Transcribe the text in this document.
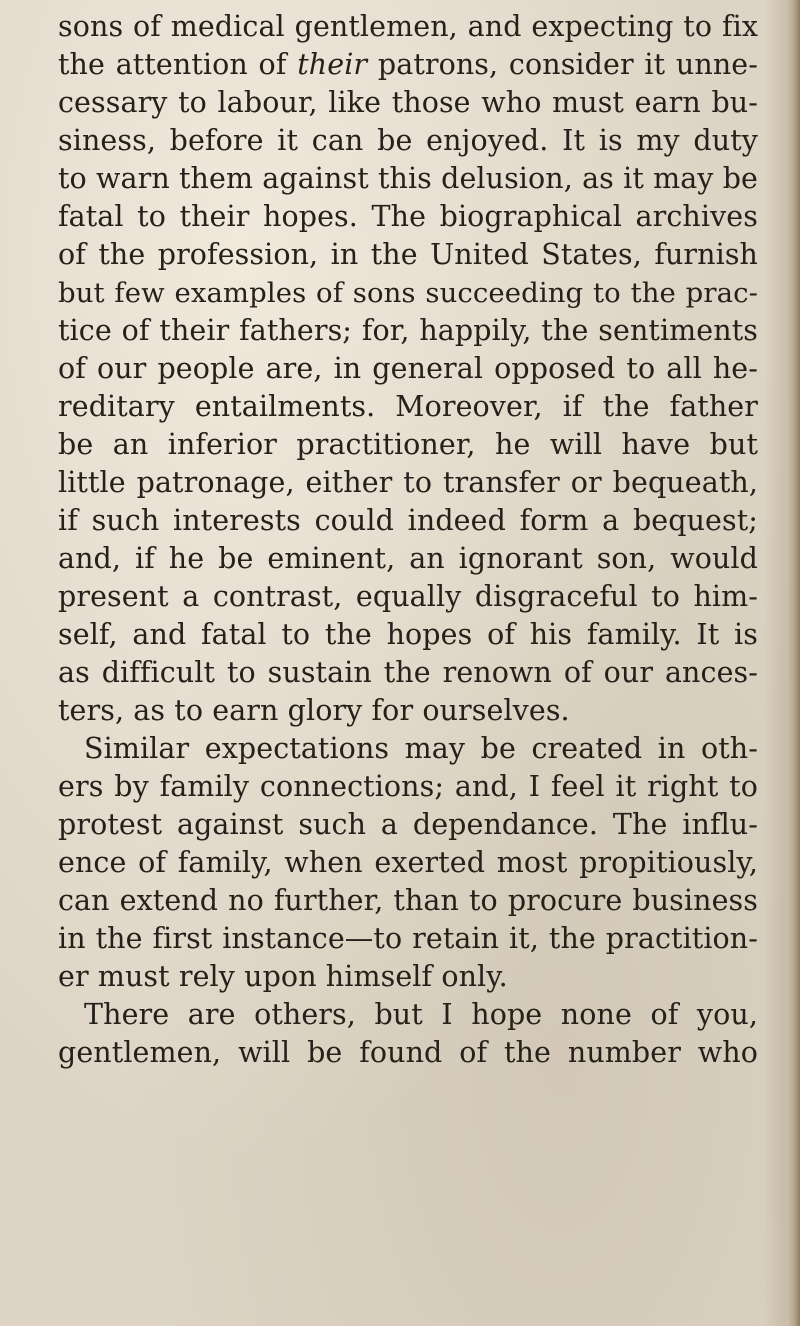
sons of medical gentlemen, and expecting to fix

the attention of their patrons, consider it unne-

cessary to labour, like those who must earn bu-

siness, before it can be enjoyed. It is my duty

to warn them against this delusion, as it may be

fatal to their hopes. The biographical archives

of the profession, in the United States, furnish

but few examples of sons succeeding to the prac-

tice of their fathers; for, happily, the sentiments

of our people are, in general opposed to all he-

reditary entailments. Moreover, if the father

be an inferior practitioner, he will have but

little patronage, either to transfer or bequeath,

if such interests could indeed form a bequest;

and, if he be eminent, an ignorant son, would

present a contrast, equally disgraceful to him-

self, and fatal to the hopes of his family. It is

as difficult to sustain the renown of our ances-

ters, as to earn glory for ourselves.

Similar expectations may be created in oth-

ers by family connections; and, I feel it right to

protest against such a dependance. The influ-

ence of family, when exerted most propitiously,

can extend no further, than to procure business

in the first instance—to retain it, the practition-

er must rely upon himself only.

There are others, but I hope none of you,

gentlemen, will be found of the number who
